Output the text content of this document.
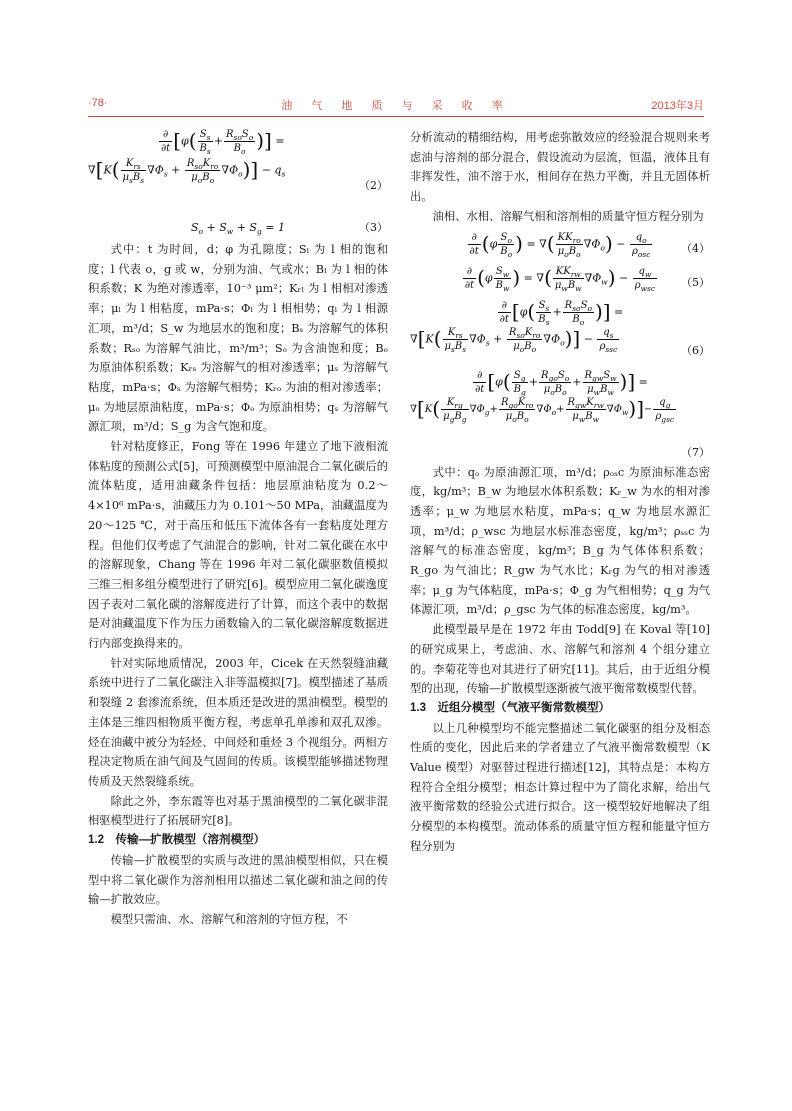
·78·	油 气 地 质 与 采 收 率	2013年3月
$\frac{\partial}{\partial t} [\varphi( \frac{S_s}{B_s} + \frac{R_{so}S_o}{B_o}$ )] =
$\nabla[K( \frac{K_{rs}}{\mu_sB_s} \nabla\Phi_s + \frac{R_{so}K_{ro}}{\mu_oB_o} \nabla\Phi_o)] - q_s$
（2）
$S_o + S_w + S_g = 1$	（3）

式中：t 为时间，d；φ 为孔隙度；Sₗ 为 l 相的饱和度；l 代表 o，g 或 w，分别为油、气或水；Bₗ 为 l 相的体积系数；K 为绝对渗透率，10⁻³ μm²；Kᵣₗ 为 l 相相对渗透率；μₗ 为 l 相粘度，mPa·s；Φₗ 为 l 相相势；qₗ 为 l 相源汇项，m³/d；S_w 为地层水的饱和度；Bₛ 为溶解气的体积系数；Rₛₒ 为溶解气油比，m³/m³；Sₒ 为含油饱和度；Bₒ 为原油体积系数；Kᵣₛ 为溶解气的相对渗透率；μₛ 为溶解气粘度，mPa·s；Φₛ 为溶解气相势；Kᵣₒ 为油的相对渗透率；μₒ 为地层原油粘度，mPa·s；Φₒ 为原油相势；qₛ 为溶解气源汇项，m³/d；S_g 为含气饱和度。

针对粘度修正，Fong 等在 1996 年建立了地下液相流体粘度的预测公式[5]，可预测模型中原油混合二氧化碳后的流体粘度，适用油藏条件包括：地层原油粘度为 0.2～4×10⁶ mPa·s，油藏压力为 0.101～50 MPa，油藏温度为 20～125 ℃，对于高压和低压下流体各有一套粘度处理方程。但他们仅考虑了气油混合的影响，针对二氧化碳在水中的溶解现象，Chang 等在 1996 年对二氧化碳驱数值模拟三维三相多组分模型进行了研究[6]。模型应用二氧化碳逸度因子表对二氧化碳的溶解度进行了计算，而这个表中的数据是对油藏温度下作为压力函数输入的二氧化碳溶解度数据进行内部变换得来的。

针对实际地质情况，2003 年，Cicek 在天然裂缝油藏系统中进行了二氧化碳注入非等温模拟[7]。模型描述了基质和裂缝 2 套渗流系统，但本质还是改进的黑油模型。模型的主体是三维四相物质平衡方程，考虑单孔单渗和双孔双渗。烃在油藏中被分为轻烃、中间烃和重烃 3 个视组分。两相方程决定物质在油气间及气固间的传质。该模型能够描述物理传质及天然裂缝系统。

除此之外，李东霞等也对基于黑油模型的二氧化碳非混相驱模型进行了拓展研究[8]。

1.2　传输—扩散模型（溶剂模型）

传输—扩散模型的实质与改进的黑油模型相似，只在模型中将二氧化碳作为溶剂相用以描述二氧化碳和油之间的传输—扩散效应。

模型只需油、水、溶解气和溶剂的守恒方程，不

分析流动的精细结构，用考虑弥散效应的经验混合规则来考虑油与溶剂的部分混合，假设流动为层流，恒温，液体且有非挥发性，油不溶于水，相间存在热力平衡，并且无固体析出。

油相、水相、溶解气相和溶剂相的质量守恒方程分别为

$\frac{\partial}{\partial t} (\varphi \frac{S_o}{B_o}$ ) = ∇( $\frac{KK_{ro}}{\mu_oB_o} \nabla\Phi_o) - \frac{q_o}{\rho_{osc}}$	（4）
$\frac{\partial}{\partial t} (\varphi \frac{S_w}{B_w}$ ) = ∇( $\frac{KK_{rw}}{\mu_wB_w} \nabla\Phi_w) - \frac{q_w}{\rho_{wsc}} (5)$
$\frac{\partial}{\partial t} [\varphi( \frac{S_s}{B_s} + \frac{R_{so}S_o}{B_o}$ )] =
$\nabla[K( \frac{K_{rs}}{\mu_sB_s} \nabla\Phi_s + \frac{R_{so}K_{ro}}{\mu_oB_o} \nabla\Phi_o)] - \frac{q_s}{\rho_{ssc}}$	（6）
$\frac{\partial}{\partial t} [\varphi( \frac{S_g}{B_g} + \frac{R_{go}S_o}{\mu_oB_o} + \frac{R_{gw}S_w}{\mu_wB_w}$ )] =
$\nabla[K( \frac{K_{rg}}{\mu_gB_g} \nabla\Phi_g+ \frac{R_{go}K_{ro}}{\mu_oB_o} \nabla\Phi_o+ \frac{R_{gw}K_{rw}}{\mu_wB_w} \nabla\Phi_w)]- \frac{q_g}{\rho_{gsc}}$
（7）

式中：qₒ 为原油源汇项，m³/d；ρₒₛc 为原油标准态密度，kg/m³；B_w 为地层水体积系数；Kᵣ_w 为水的相对渗透率；μ_w 为地层水粘度，mPa·s；q_w 为地层水源汇项，m³/d；ρ_wsc 为地层水标准态密度，kg/m³；ρₛₛc 为溶解气的标准态密度，kg/m³；B_g 为气体体积系数；R_go 为气油比；R_gw 为气水比；Kᵣg 为气的相对渗透率；μ_g 为气体粘度，mPa·s；Φ_g 为气相相势；q_g 为气体源汇项，m³/d；ρ_gsc 为气体的标准态密度，kg/m³。

此模型最早是在 1972 年由 Todd[9] 在 Koval 等[10] 的研究成果上，考虑油、水、溶解气和溶剂 4 个组分建立的。李菊花等也对其进行了研究[11]。其后，由于近组分模型的出现，传输—扩散模型逐渐被气液平衡常数模型代替。

1.3　近组分模型（气液平衡常数模型）

以上几种模型均不能完整描述二氧化碳驱的组分及相态性质的变化，因此后来的学者建立了气液平衡常数模型（K Value 模型）对驱替过程进行描述[12]，其特点是：本构方程符合全组分模型；相态计算过程中为了简化求解，给出气液平衡常数的经验公式进行拟合。这一模型较好地解决了组分模型的本构模型。流动体系的质量守恒方程和能量守恒方程分别为
